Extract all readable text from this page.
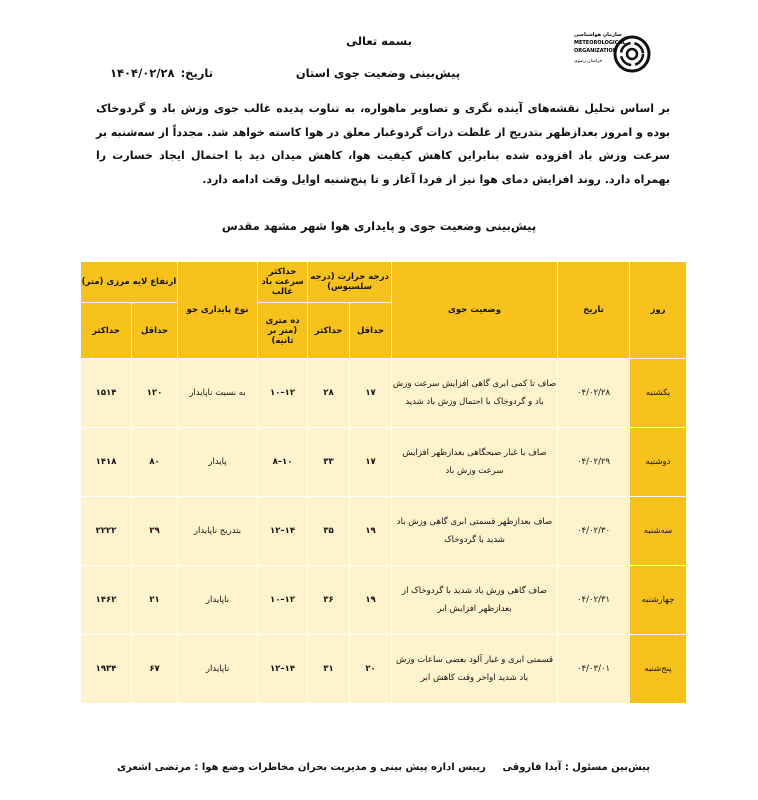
بسمه تعالی	سازمان هواشناسی
METEOROLOGICAL
ORGANIZATION
خراسان رضوی
پیش‌بینی وضعیت جوی استان
تاریخ:۱۴۰۴/۰۲/۲۸
بر اساس تحلیل نقشه‌های آینده نگری و تصاویر ماهواره، به تناوب پدیده غالب جوی وزش باد و گردوخاک بوده و امروز بعدازظهر بتدریج از غلظت ذرات گردوغبار معلق در هوا کاسته خواهد شد. مجدداً از سه‌شنبه بر سرعت وزش باد افزوده شده بنابراین کاهش کیفیت هوا، کاهش میدان دید با احتمال ایجاد خسارت را بهمراه دارد. روند افزایش دمای هوا نیز از فردا آغاز و تا پنج‌شنبه اوایل وقت ادامه دارد.
پیش‌بینی وضعیت جوی و پایداری هوا شهر مشهد مقدس
روز	تاریخ	وضعیت جوی	درجه حرارت (درجه سلسیوس)		حداکثر سرعت باد غالب	نوع پایداری جو	ارتفاع لایه مرزی (متر)	
			حداقل	حداکثر	ده متری (متر بر ثانیه)		حداقل	حداکثر
یکشنبه	۰۴/۰۲/۲۸	صاف تا کمی ابری گاهی افزایش سرعت وزش باد و گردوخاک با احتمال وزش باد شدید	۱۷	۲۸	۱۲–۱۰	به نسبت ناپایدار	۱۲۰	۱۵۱۴
دوشنبه	۰۴/۰۲/۲۹	صاف با غبار صبحگاهی بعدازظهر افزایش سرعت وزش باد	۱۷	۳۳	۱۰–۸	پایدار	۸۰	۱۴۱۸
سه‌شنبه	۰۴/۰۲/۳۰	صاف بعدازظهر قسمتی ابری گاهی وزش باد شدید با گردوخاک	۱۹	۳۵	۱۴–۱۲	بتدریج ناپایدار	۲۹	۲۲۲۲
چهارشنبه	۰۴/۰۲/۳۱	صاف گاهی وزش باد شدید با گردوخاک از بعدازظهر افزایش ابر	۱۹	۳۶	۱۲–۱۰	ناپایدار	۲۱	۱۴۶۲
پنج‌شنبه	۰۴/۰۳/۰۱	قسمتی ابری و غبار آلود بعضی ساعات وزش باد شدید اواخر وقت کاهش ابر	۲۰	۳۱	۱۴–۱۲	ناپایدار	۶۷	۱۹۳۴
پیش‌بین مسئول : آیدا فاروقی
رییس اداره پیش بینی و مدیریت بحران مخاطرات وضع هوا : مرتضی اشعری
